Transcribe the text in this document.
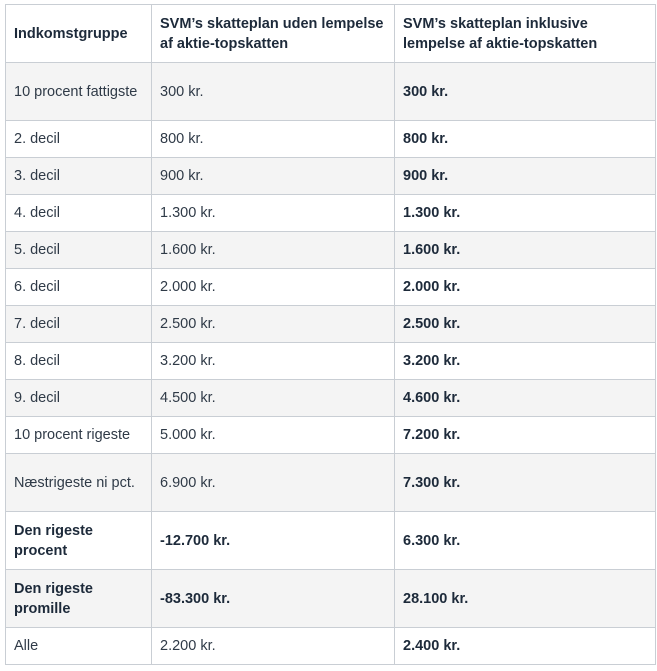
Indkomstgruppe	SVM’s skatteplan uden lempelse af aktie-topskatten	SVM’s skatteplan inklusive lempelse af aktie-topskatten
10 procent fattigste	300 kr.	300 kr.
2. decil	800 kr.	800 kr.
3. decil	900 kr.	900 kr.
4. decil	1.300 kr.	1.300 kr.
5. decil	1.600 kr.	1.600 kr.
6. decil	2.000 kr.	2.000 kr.
7. decil	2.500 kr.	2.500 kr.
8. decil	3.200 kr.	3.200 kr.
9. decil	4.500 kr.	4.600 kr.
10 procent rigeste	5.000 kr.	7.200 kr.
Næstrigeste ni pct.	6.900 kr.	7.300 kr.
Den rigeste procent	-12.700 kr.	6.300 kr.
Den rigeste promille	-83.300 kr.	28.100 kr.
Alle	2.200 kr.	2.400 kr.
